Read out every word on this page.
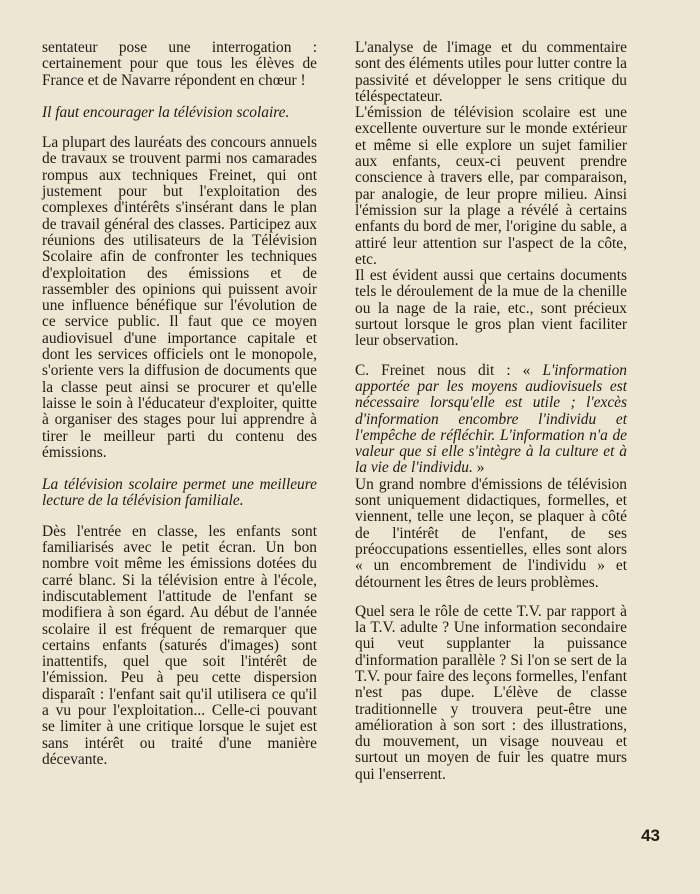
sentateur pose une interrogation : certainement pour que tous les élèves de France et de Navarre répondent en chœur !

Il faut encourager la télévision scolaire.

La plupart des lauréats des concours annuels de travaux se trouvent parmi nos camarades rompus aux techniques Freinet, qui ont justement pour but l'exploitation des complexes d'intérêts s'insérant dans le plan de travail général des classes. Participez aux réunions des utilisateurs de la Télévision Scolaire afin de confronter les techniques d'exploitation des émissions et de rassembler des opinions qui puissent avoir une influence bénéfique sur l'évolution de ce service public. Il faut que ce moyen audiovisuel d'une importance capitale et dont les services officiels ont le monopole, s'oriente vers la diffusion de documents que la classe peut ainsi se procurer et qu'elle laisse le soin à l'éducateur d'exploiter, quitte à organiser des stages pour lui apprendre à tirer le meilleur parti du contenu des émissions.

La télévision scolaire permet une meilleure lecture de la télévision familiale.

Dès l'entrée en classe, les enfants sont familiarisés avec le petit écran. Un bon nombre voit même les émissions dotées du carré blanc. Si la télévision entre à l'école, indiscutablement l'attitude de l'enfant se modifiera à son égard. Au début de l'année scolaire il est fréquent de remarquer que certains enfants (saturés d'images) sont inattentifs, quel que soit l'intérêt de l'émission. Peu à peu cette dispersion disparaît : l'enfant sait qu'il utilisera ce qu'il a vu pour l'exploitation... Celle-ci pouvant se limiter à une critique lorsque le sujet est sans intérêt ou traité d'une manière décevante.

L'analyse de l'image et du commentaire sont des éléments utiles pour lutter contre la passivité et développer le sens critique du téléspectateur.

L'émission de télévision scolaire est une excellente ouverture sur le monde extérieur et même si elle explore un sujet familier aux enfants, ceux-ci peuvent prendre conscience à travers elle, par comparaison, par analogie, de leur propre milieu. Ainsi l'émission sur la plage a révélé à certains enfants du bord de mer, l'origine du sable, a attiré leur attention sur l'aspect de la côte, etc.

Il est évident aussi que certains documents tels le déroulement de la mue de la chenille ou la nage de la raie, etc., sont précieux surtout lorsque le gros plan vient faciliter leur observation.

C. Freinet nous dit : « L'information apportée par les moyens audiovisuels est nécessaire lorsqu'elle est utile ; l'excès d'information encombre l'individu et l'empêche de réfléchir. L'information n'a de valeur que si elle s'intègre à la culture et à la vie de l'individu. »

Un grand nombre d'émissions de télévision sont uniquement didactiques, formelles, et viennent, telle une leçon, se plaquer à côté de l'intérêt de l'enfant, de ses préoccupations essentielles, elles sont alors « un encombrement de l'individu » et détournent les êtres de leurs problèmes.

Quel sera le rôle de cette T.V. par rapport à la T.V. adulte ? Une information secondaire qui veut supplanter la puissance d'information parallèle ? Si l'on se sert de la T.V. pour faire des leçons formelles, l'enfant n'est pas dupe. L'élève de classe traditionnelle y trouvera peut-être une amélioration à son sort : des illustrations, du mouvement, un visage nouveau et surtout un moyen de fuir les quatre murs qui l'enserrent.

43
